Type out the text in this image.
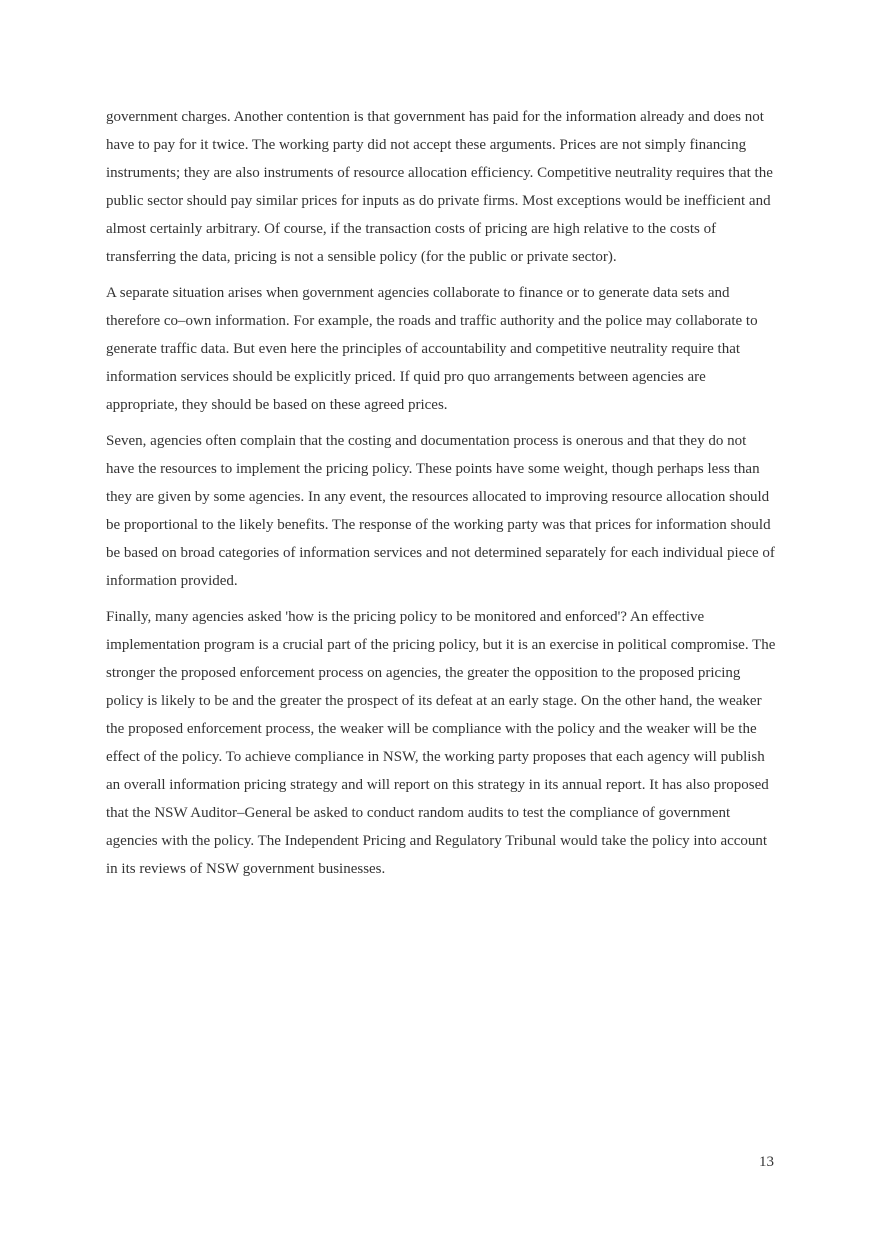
government charges. Another contention is that government has paid for the information already and does not have to pay for it twice. The working party did not accept these arguments. Prices are not simply financing instruments; they are also instruments of resource allocation efficiency. Competitive neutrality requires that the public sector should pay similar prices for inputs as do private firms. Most exceptions would be inefficient and almost certainly arbitrary. Of course, if the transaction costs of pricing are high relative to the costs of transferring the data, pricing is not a sensible policy (for the public or private sector).

A separate situation arises when government agencies collaborate to finance or to generate data sets and therefore co–own information. For example, the roads and traffic authority and the police may collaborate to generate traffic data. But even here the principles of accountability and competitive neutrality require that information services should be explicitly priced. If quid pro quo arrangements between agencies are appropriate, they should be based on these agreed prices.

Seven, agencies often complain that the costing and documentation process is onerous and that they do not have the resources to implement the pricing policy. These points have some weight, though perhaps less than they are given by some agencies. In any event, the resources allocated to improving resource allocation should be proportional to the likely benefits. The response of the working party was that prices for information should be based on broad categories of information services and not determined separately for each individual piece of information provided.

Finally, many agencies asked 'how is the pricing policy to be monitored and enforced'? An effective implementation program is a crucial part of the pricing policy, but it is an exercise in political compromise. The stronger the proposed enforcement process on agencies, the greater the opposition to the proposed pricing policy is likely to be and the greater the prospect of its defeat at an early stage. On the other hand, the weaker the proposed enforcement process, the weaker will be compliance with the policy and the weaker will be the effect of the policy. To achieve compliance in NSW, the working party proposes that each agency will publish an overall information pricing strategy and will report on this strategy in its annual report. It has also proposed that the NSW Auditor–General be asked to conduct random audits to test the compliance of government agencies with the policy. The Independent Pricing and Regulatory Tribunal would take the policy into account in its reviews of NSW government businesses.

13
